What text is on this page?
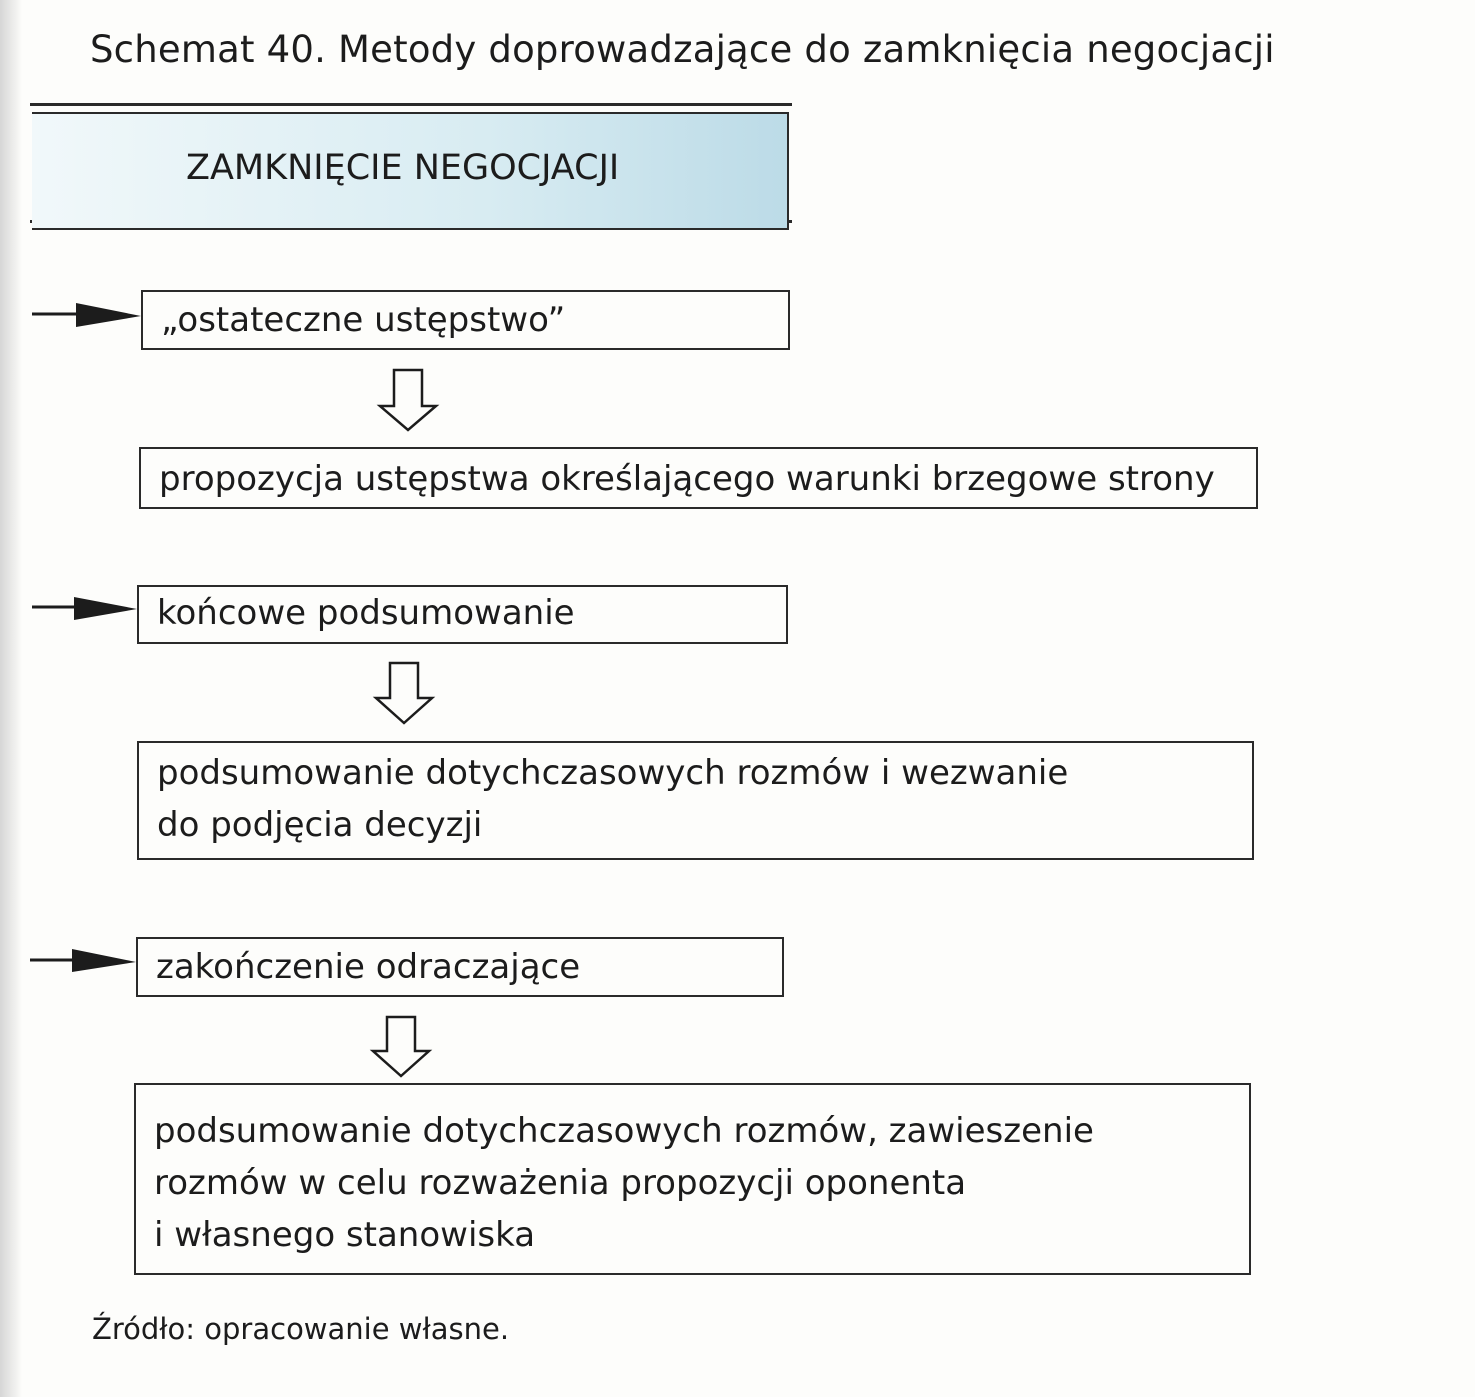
Schemat 40. Metody doprowadzające do zamknięcia negocjacji
ZAMKNIĘCIE NEGOCJACJI
„ostateczne ustępstwo”
propozycja ustępstwa określającego warunki brzegowe strony
końcowe podsumowanie
podsumowanie dotychczasowych rozmów i wezwanie
do podjęcia decyzji
zakończenie odraczające
podsumowanie dotychczasowych rozmów, zawieszenie
rozmów w celu rozważenia propozycji oponenta
i własnego stanowiska
Źródło: opracowanie własne.
